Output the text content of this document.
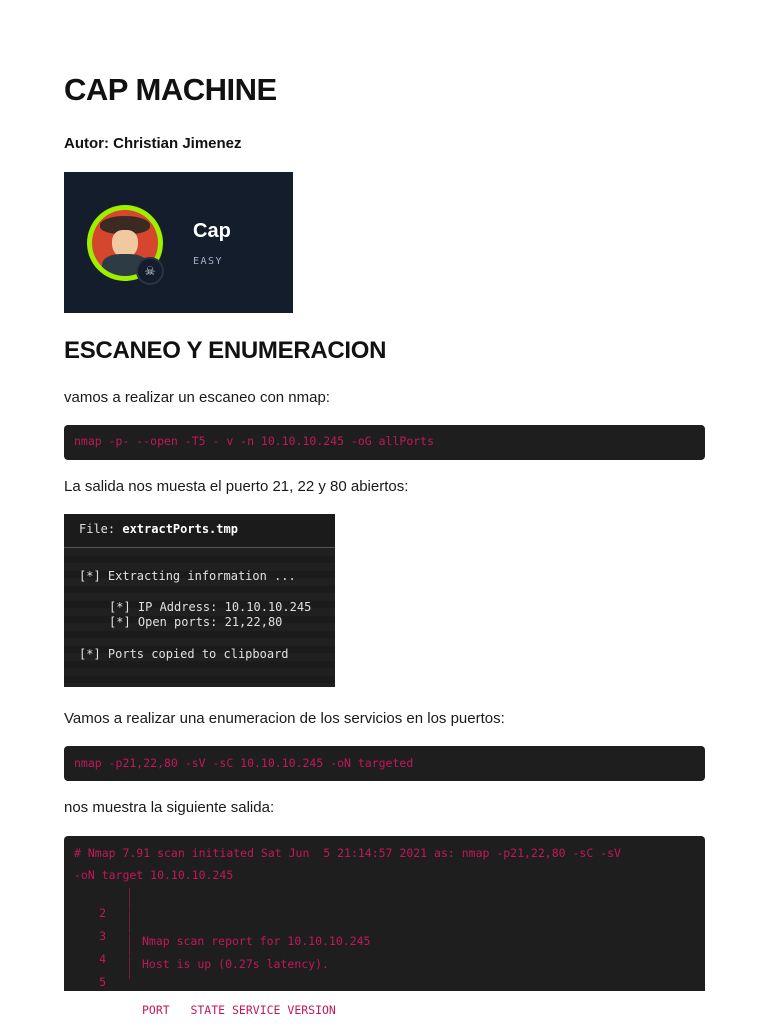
CAP MACHINE

Autor: Christian Jimenez

☠
Cap
EASY
ESCANEO Y ENUMERACION

vamos a realizar un escaneo con nmap:

nmap -p- --open -T5 - v -n 10.10.10.245 -oG allPorts

La salida nos muesta el puerto 21, 22 y 80 abiertos:

File: extractPorts.tmp
[*] Extracting information ...
[*] IP Address: 10.10.10.245
[*] Open ports: 21,22,80
[*] Ports copied to clipboard

Vamos a realizar una enumeracion de los servicios en los puertos:

nmap -p21,22,80 -sV -sC 10.10.10.245 -oN targeted

nos muestra la siguiente salida:

# Nmap 7.91 scan initiated Sat Jun  5 21:14:57 2021 as: nmap -p21,22,80 -sC -sV
-oN target 10.10.10.245

2

Nmap scan report for 10.10.10.245

3

Host is up (0.27s latency).

4

5

PORT   STATE SERVICE VERSION
